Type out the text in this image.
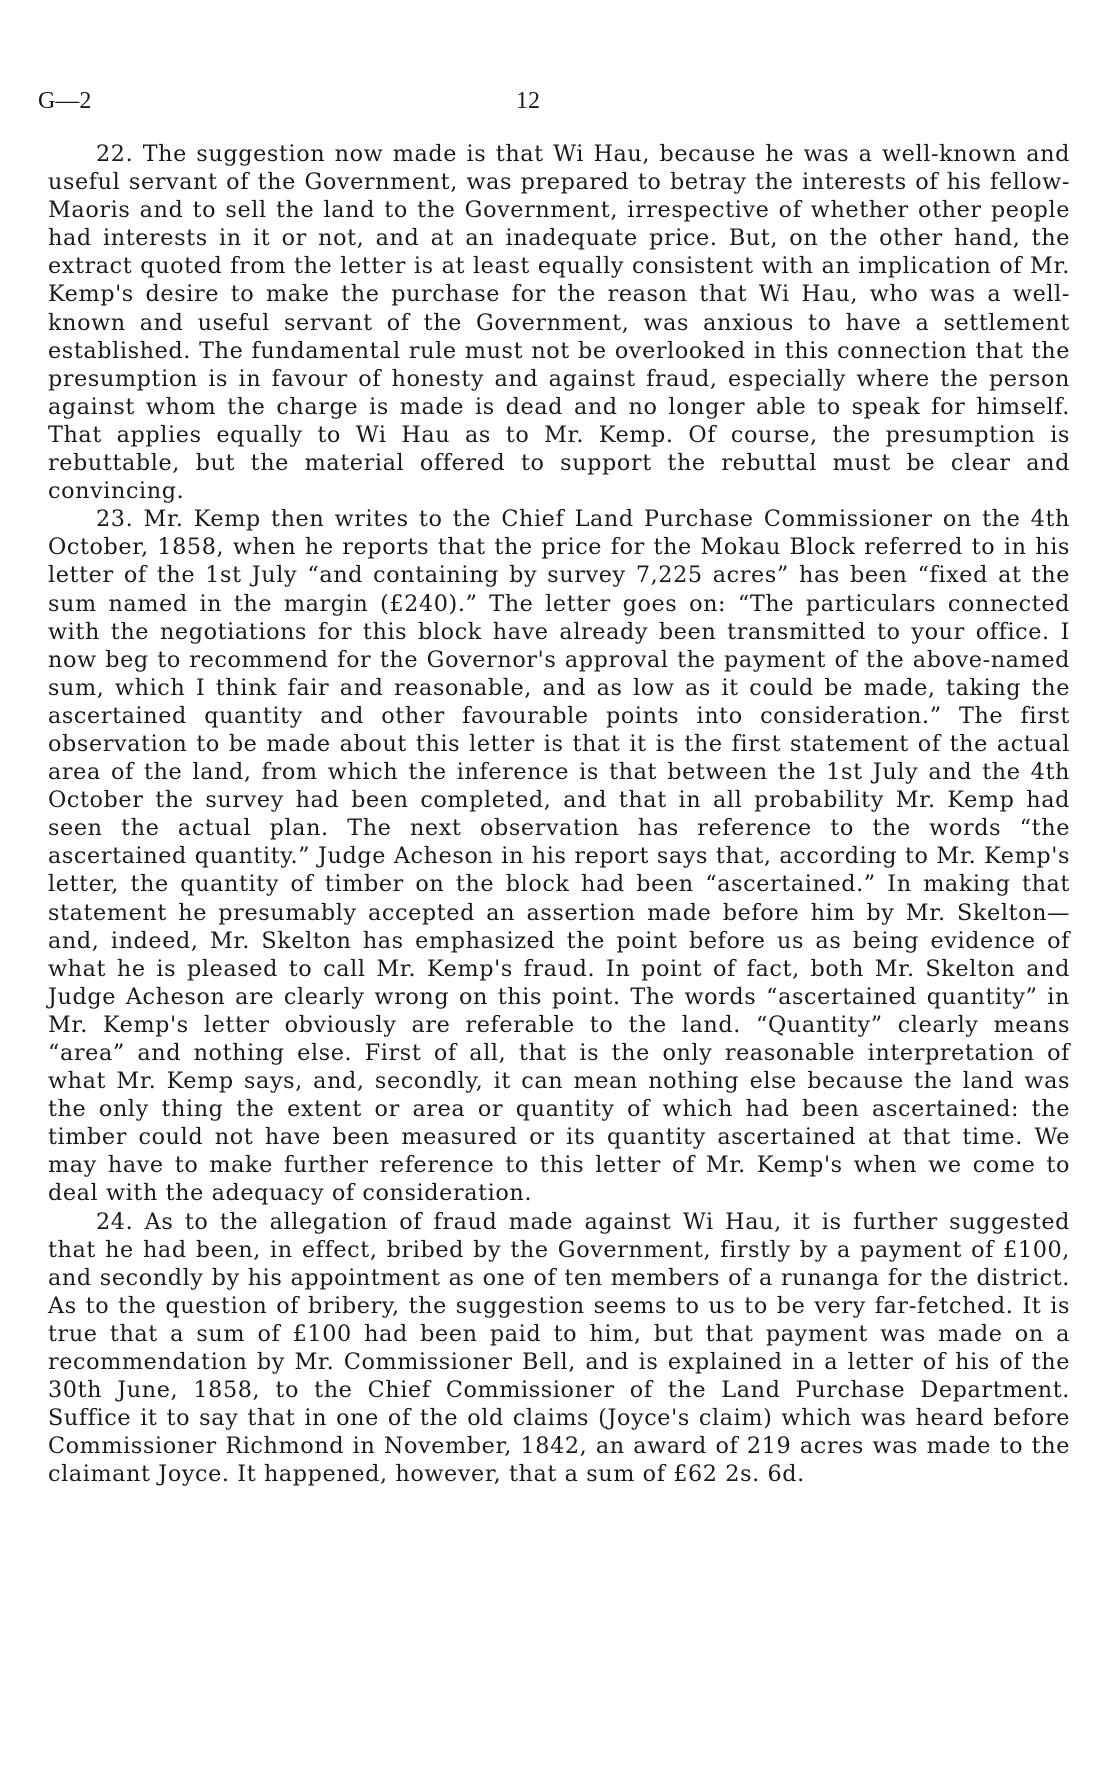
G—2	12

22. The suggestion now made is that Wi Hau, because he was a well-known and useful servant of the Government, was prepared to betray the interests of his fellow-Maoris and to sell the land to the Government, irrespective of whether other people had interests in it or not, and at an inadequate price. But, on the other hand, the extract quoted from the letter is at least equally consistent with an implication of Mr. Kemp's desire to make the purchase for the reason that Wi Hau, who was a well-known and useful servant of the Government, was anxious to have a settlement established. The fundamental rule must not be overlooked in this connection that the presumption is in favour of honesty and against fraud, especially where the person against whom the charge is made is dead and no longer able to speak for himself. That applies equally to Wi Hau as to Mr. Kemp. Of course, the presumption is rebuttable, but the material offered to support the rebuttal must be clear and convincing.

23. Mr. Kemp then writes to the Chief Land Purchase Commissioner on the 4th October, 1858, when he reports that the price for the Mokau Block referred to in his letter of the 1st July “and containing by survey 7,225 acres” has been “fixed at the sum named in the margin (£240).” The letter goes on: “The particulars connected with the negotiations for this block have already been transmitted to your office. I now beg to recommend for the Governor's approval the payment of the above-named sum, which I think fair and reasonable, and as low as it could be made, taking the ascertained quantity and other favourable points into consideration.” The first observation to be made about this letter is that it is the first statement of the actual area of the land, from which the inference is that between the 1st July and the 4th October the survey had been completed, and that in all probability Mr. Kemp had seen the actual plan. The next observation has reference to the words “the ascertained quantity.” Judge Acheson in his report says that, according to Mr. Kemp's letter, the quantity of timber on the block had been “ascertained.” In making that statement he presumably accepted an assertion made before him by Mr. Skelton—and, indeed, Mr. Skelton has emphasized the point before us as being evidence of what he is pleased to call Mr. Kemp's fraud. In point of fact, both Mr. Skelton and Judge Acheson are clearly wrong on this point. The words “ascertained quantity” in Mr. Kemp's letter obviously are referable to the land. “Quantity” clearly means “area” and nothing else. First of all, that is the only reasonable interpretation of what Mr. Kemp says, and, secondly, it can mean nothing else because the land was the only thing the extent or area or quantity of which had been ascertained: the timber could not have been measured or its quantity ascertained at that time. We may have to make further reference to this letter of Mr. Kemp's when we come to deal with the adequacy of consideration.

24. As to the allegation of fraud made against Wi Hau, it is further suggested that he had been, in effect, bribed by the Government, firstly by a payment of £100, and secondly by his appointment as one of ten members of a runanga for the district. As to the question of bribery, the suggestion seems to us to be very far-fetched. It is true that a sum of £100 had been paid to him, but that payment was made on a recommendation by Mr. Commissioner Bell, and is explained in a letter of his of the 30th June, 1858, to the Chief Commissioner of the Land Purchase Department. Suffice it to say that in one of the old claims (Joyce's claim) which was heard before Commissioner Richmond in November, 1842, an award of 219 acres was made to the claimant Joyce. It happened, however, that a sum of £62 2s. 6d.
